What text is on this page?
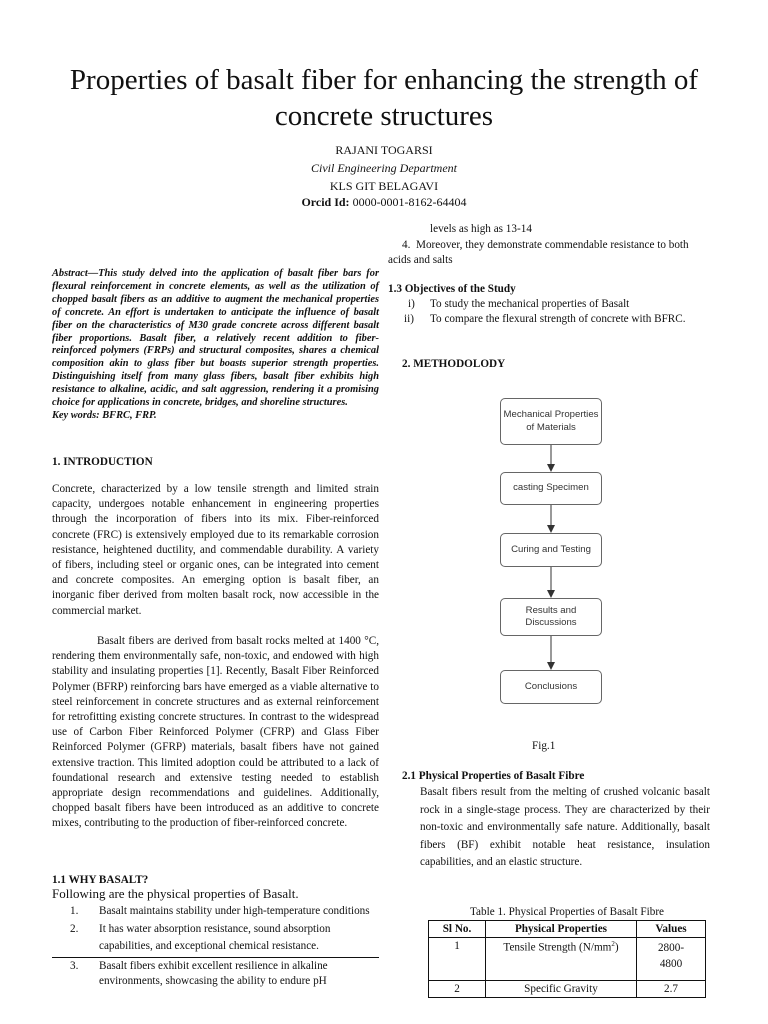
Properties of basalt fiber for enhancing the strength of concrete structures
RAJANI TOGARSI
Civil Engineering Department
KLS GIT BELAGAVI
Orcid Id: 0000-0001-8162-64404
Abstract—This study delved into the application of basalt fiber bars for flexural reinforcement in concrete elements, as well as the utilization of chopped basalt fibers as an additive to augment the mechanical properties of concrete. An effort is undertaken to anticipate the influence of basalt fiber on the characteristics of M30 grade concrete across different basalt fiber proportions. Basalt fiber, a relatively recent addition to fiber-reinforced polymers (FRPs) and structural composites, shares a chemical composition akin to glass fiber but boasts superior strength properties. Distinguishing itself from many glass fibers, basalt fiber exhibits high resistance to alkaline, acidic, and salt aggression, rendering it a promising choice for applications in concrete, bridges, and shoreline structures.
Key words: BFRC, FRP.
1. INTRODUCTION
Concrete, characterized by a low tensile strength and limited strain capacity, undergoes notable enhancement in engineering properties through the incorporation of fibers into its mix. Fiber-reinforced concrete (FRC) is extensively employed due to its remarkable corrosion resistance, heightened ductility, and commendable durability. A variety of fibers, including steel or organic ones, can be integrated into cement and concrete composites. An emerging option is basalt fiber, an inorganic fiber derived from molten basalt rock, now accessible in the commercial market.
Basalt fibers are derived from basalt rocks melted at 1400 °C, rendering them environmentally safe, non-toxic, and endowed with high stability and insulating properties [1]. Recently, Basalt Fiber Reinforced Polymer (BFRP) reinforcing bars have emerged as a viable alternative to steel reinforcement in concrete structures and as external reinforcement for retrofitting existing concrete structures. In contrast to the widespread use of Carbon Fiber Reinforced Polymer (CFRP) and Glass Fiber Reinforced Polymer (GFRP) materials, basalt fibers have not gained extensive traction. This limited adoption could be attributed to a lack of foundational research and extensive testing needed to establish appropriate design recommendations and guidelines. Additionally, chopped basalt fibers have been introduced as an additive to concrete mixes, contributing to the production of fiber-reinforced concrete.
1.1 WHY BASALT?
Following are the physical properties of Basalt.
1. Basalt maintains stability under high-temperature conditions
2. It has water absorption resistance, sound absorption capabilities, and exceptional chemical resistance.
3. Basalt fibers exhibit excellent resilience in alkaline environments, showcasing the ability to endure pH
levels as high as 13-14
4. Moreover, they demonstrate commendable resistance to both acids and salts
1.3 Objectives of the Study
i) To study the mechanical properties of Basalt
ii) To compare the flexural strength of concrete with BFRC.
2. METHODOLODY
Mechanical Properties of Materials
casting Specimen
Curing and Testing
Results and Discussions
Conclusions
Fig.1
2.1 Physical Properties of Basalt Fibre
Basalt fibers result from the melting of crushed volcanic basalt rock in a single-stage process. They are characterized by their non-toxic and environmentally safe nature. Additionally, basalt fibers (BF) exhibit notable heat resistance, insulation capabilities, and an elastic structure.
Table 1. Physical Properties of Basalt Fibre
Sl No.	Physical Properties	Values
1	Tensile Strength $(N/mm^2)$	2800-4800
2	Specific Gravity	2.7
